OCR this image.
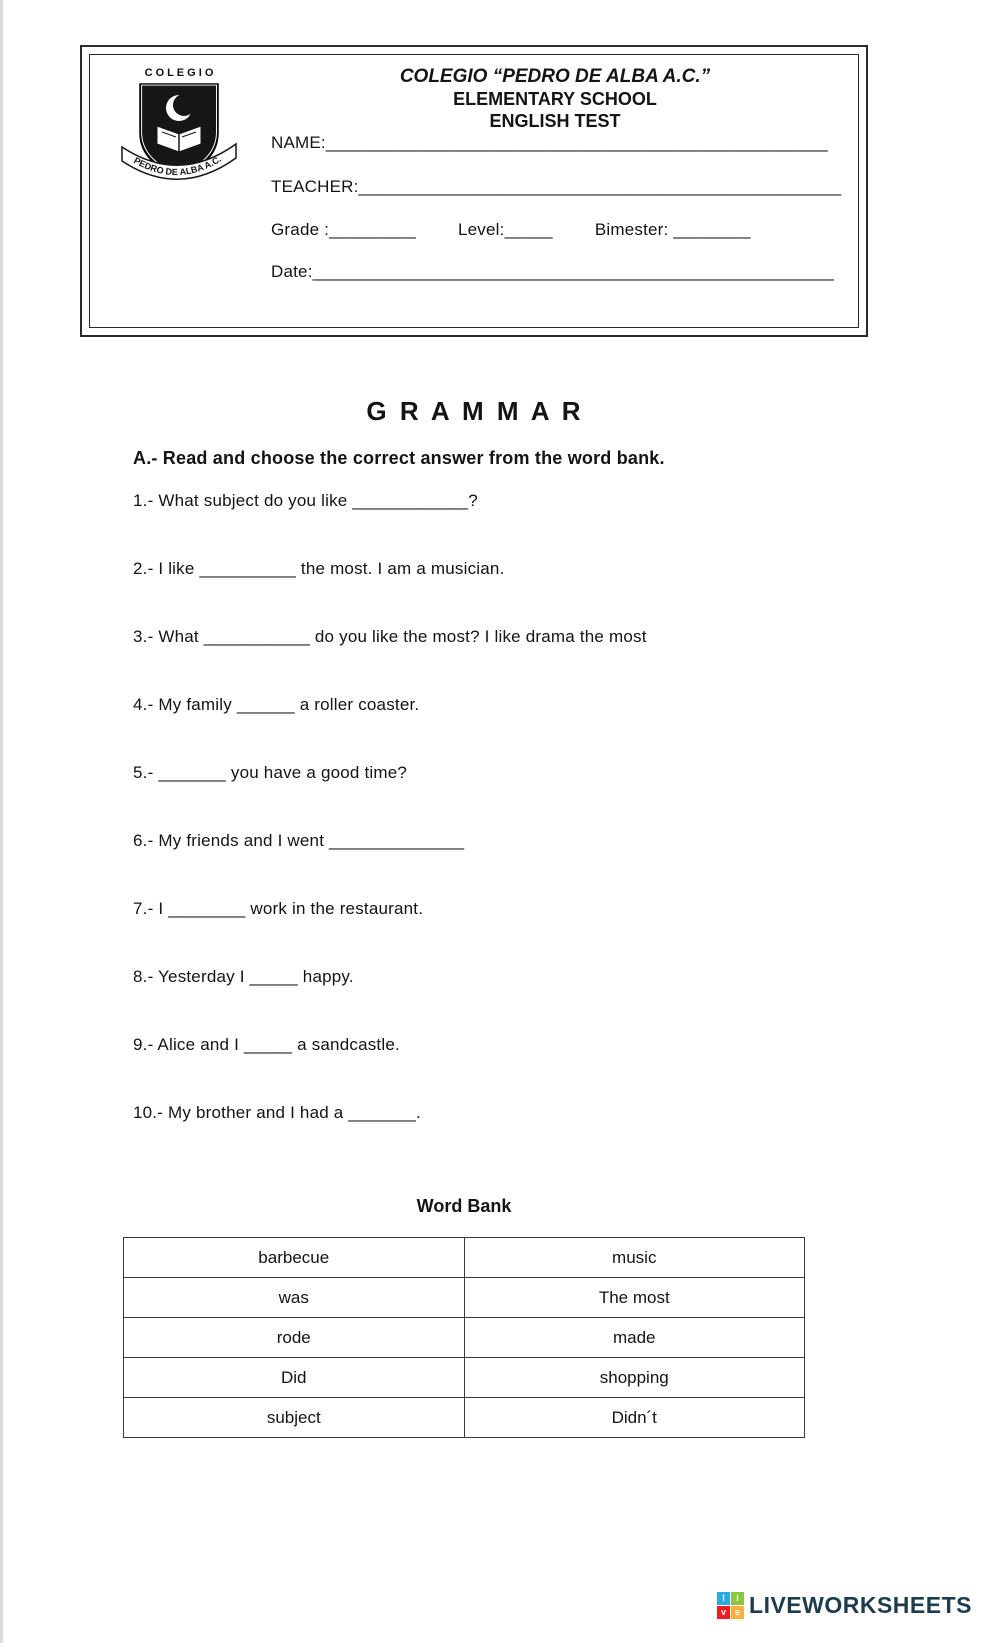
C O L E G I O
PEDRO DE ALBA A.C.
COLEGIO “PEDRO DE ALBA A.C.”
ELEMENTARY SCHOOL
ENGLISH TEST
NAME:____________________________________________________
TEACHER:__________________________________________________
Grade :_________ Level:_____ Bimester: ________
Date:______________________________________________________
G R A M M A R
A.- Read and choose the correct answer from the word bank.
1.- What subject do you like ____________?
2.- I like __________ the most. I am a musician.
3.- What ___________ do you like the most? I like drama the most
4.- My family ______ a roller coaster.
5.- _______ you have a good time?
6.- My friends and I went ______________
7.- I ________ work in the restaurant.
8.- Yesterday I _____ happy.
9.- Alice and I _____ a sandcastle.
10.- My brother and I had a _______.
Word Bank
barbecue	music
was	The most
rode	made
Did	shopping
subject	Didn´t
l	i
v e LIVEWORKSHEETS
